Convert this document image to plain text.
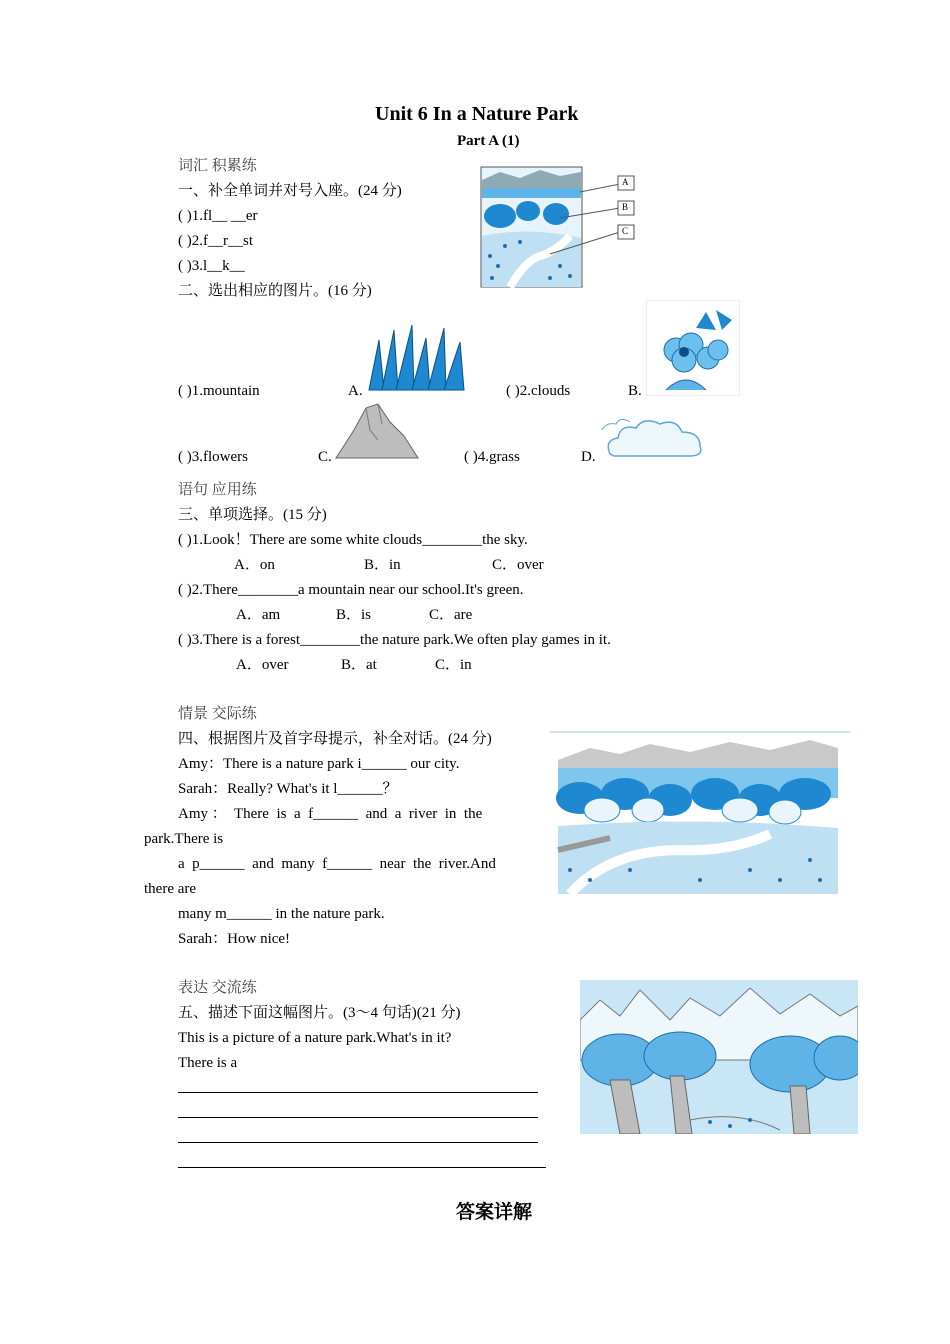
Unit 6 In a Nature Park
Part A (1)
词汇 积累练
一、补全单词并对号入座。(24 分)
( )1.fl__ __er
( )2.f__r__st
( )3.l__k__
A
B
C
二、选出相应的图片。(16 分)
( )1.mountain	A.	( )2.clouds	B.
( )3.flowers	C.	( )4.grass	D.
语句 应用练
三、单项选择。(15 分)
( )1.Look！There are some white clouds________the sky.
A．on	B．in	C．over
( )2.There________a mountain near our school.It's green.
A．am	B．is	C．are
( )3.There is a forest________the nature park.We often play games in it.
A．over	B．at	C．in
情景 交际练
四、根据图片及首字母提示，补全对话。(24 分)
Amy：There is a nature park i______ our city.
Sarah：Really? What's it l______？
Amy ：  There  is  a  f______  and  a  river  in  the
park.There is
a  p______  and  many  f______  near  the  river.And
there are
many m______ in the nature park.
Sarah：How nice!
表达 交流练
五、描述下面这幅图片。(3～4 句话)(21 分)
This is a picture of a nature park.What's in it?
There is a
答案详解
